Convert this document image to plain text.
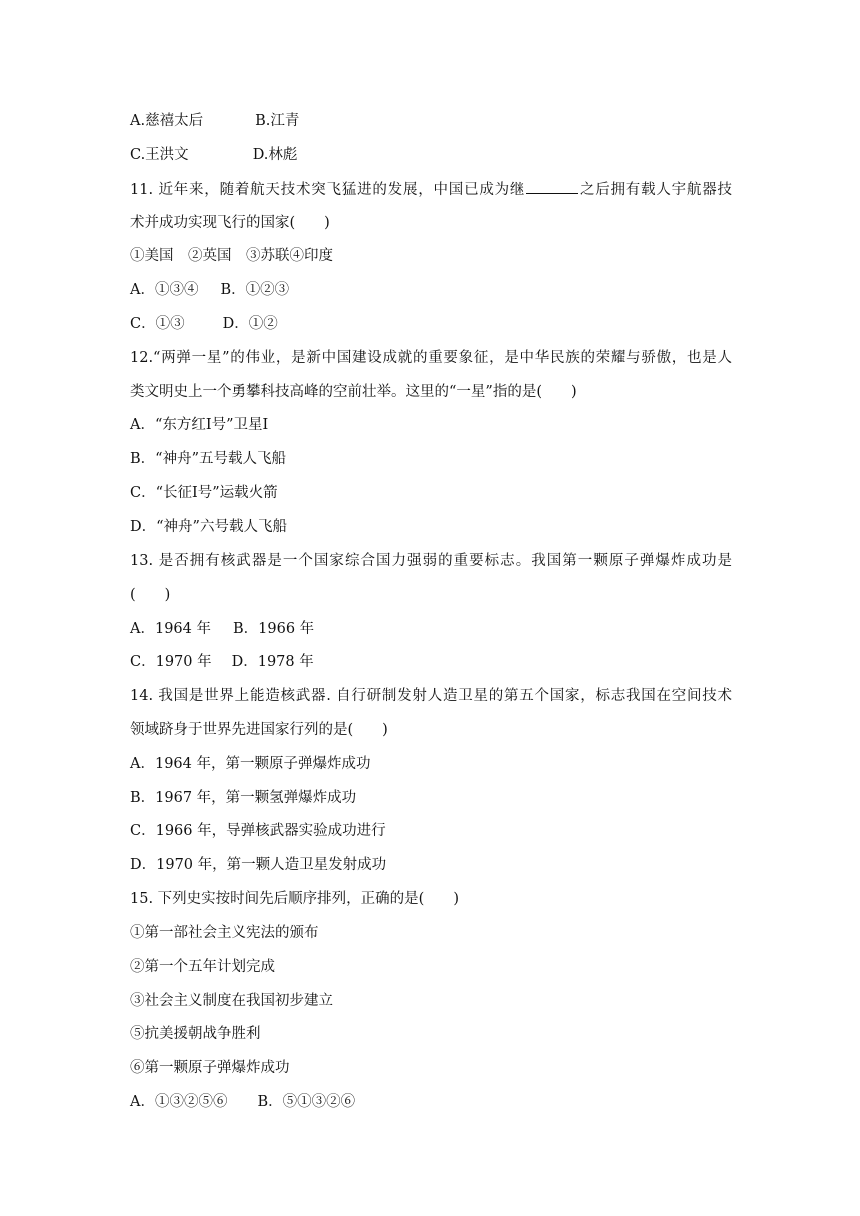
A.慈禧太后	B.江青
C.王洪文	D.林彪
11. 近年来，随着航天技术突飞猛进的发展，中国已成为继	之后拥有载人宇航器技
术并成功实现飞行的国家(　　)
①美国　②英国　③苏联④印度
A．①③④ B．①②③
C．①③	D．①②
12.“两弹一星”的伟业，是新中国建设成就的重要象征，是中华民族的荣耀与骄傲，也是人
类文明史上一个勇攀科技高峰的空前壮举。这里的“一星”指的是(　　)
A．“东方红Ⅰ号”卫星Ⅰ
B．“神舟”五号载人飞船
C．“长征Ⅰ号”运载火箭
D．“神舟”六号载人飞船
13. 是否拥有核武器是一个国家综合国力强弱的重要标志。我国第一颗原子弹爆炸成功是
(　　)
A．1964 年 B．1966 年
C．1970 年 D．1978 年
14. 我国是世界上能造核武器. 自行研制发射人造卫星的第五个国家，标志我国在空间技术
领域跻身于世界先进国家行列的是(　　)
A．1964 年，第一颗原子弹爆炸成功
B．1967 年，第一颗氢弹爆炸成功
C．1966 年，导弹核武器实验成功进行
D．1970 年，第一颗人造卫星发射成功
15. 下列史实按时间先后顺序排列，正确的是(　　)
①第一部社会主义宪法的颁布
②第一个五年计划完成
③社会主义制度在我国初步建立
⑤抗美援朝战争胜利
⑥第一颗原子弹爆炸成功
A．①③②⑤⑥ B．⑤①③②⑥
